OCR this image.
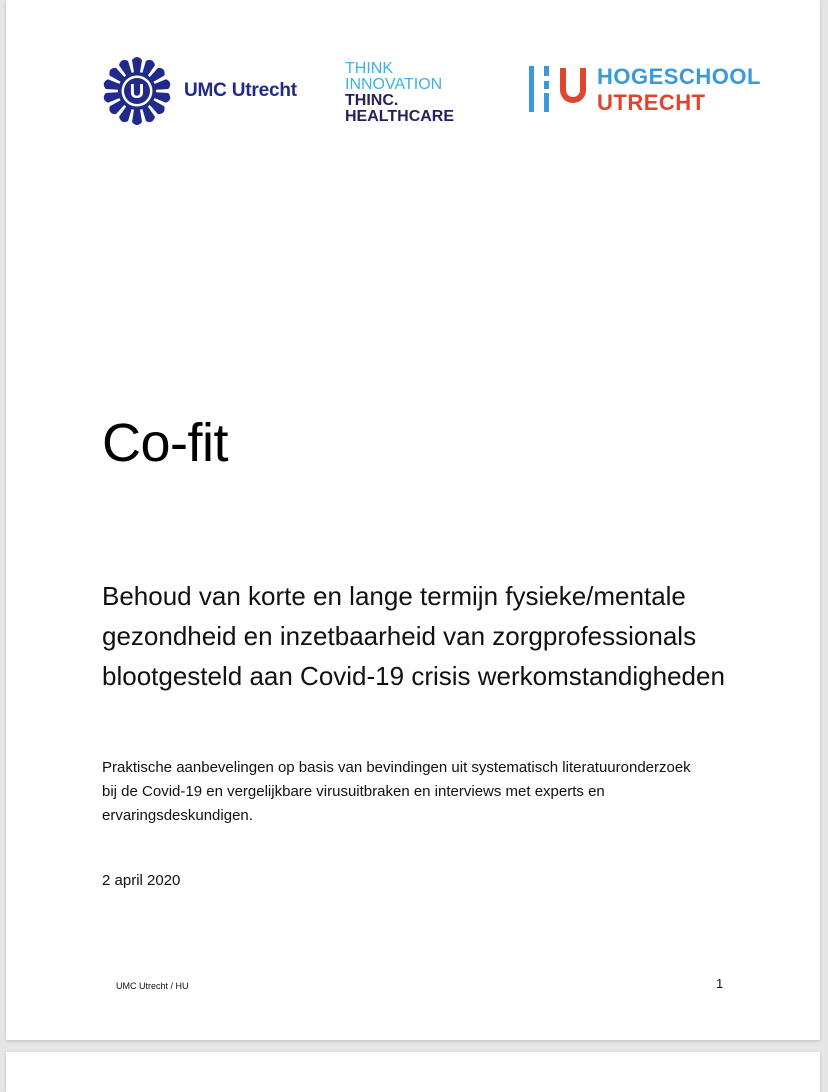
U UMC Utrecht
THINK
INNOVATION
THINC.
HEALTHCARE
HOGESCHOOL
UTRECHT
Co-fit
Behoud van korte en lange termijn fysieke/mentale gezondheid en inzetbaarheid van zorgprofessionals blootgesteld aan Covid-19 crisis werkomstandigheden

Praktische aanbevelingen op basis van bevindingen uit systematisch literatuuronderzoek bij de Covid-19 en vergelijkbare virusuitbraken en interviews met experts en ervaringsdeskundigen.

2 april 2020
UMC Utrecht / HU	1
